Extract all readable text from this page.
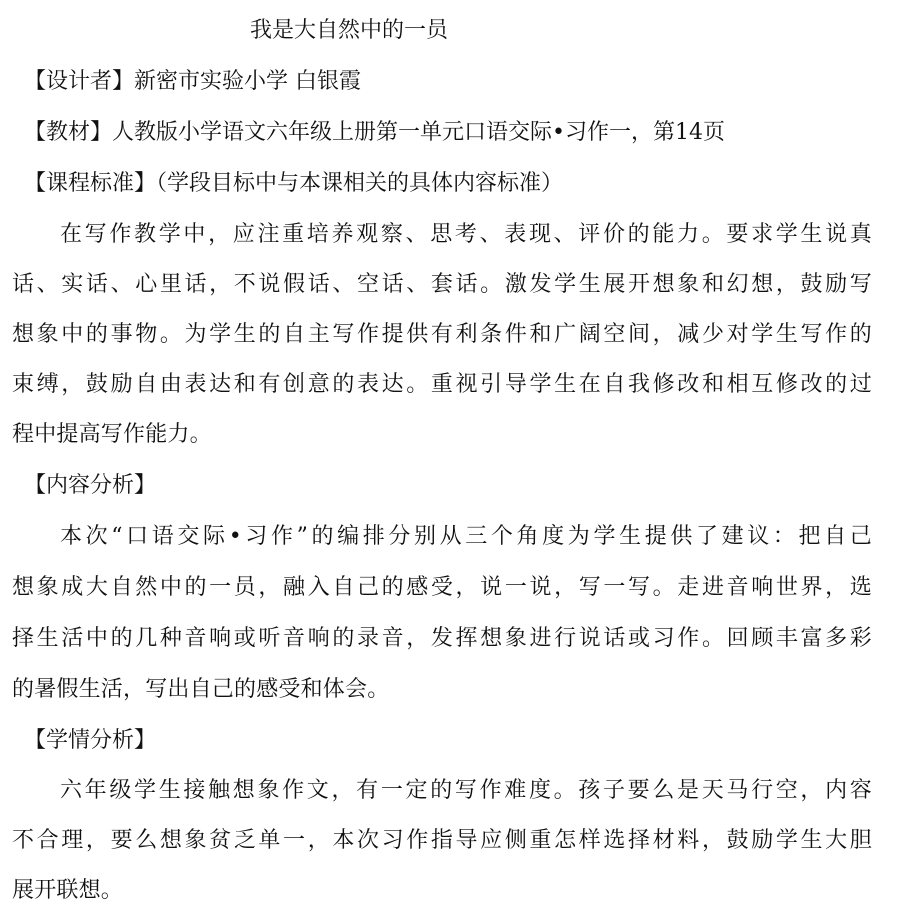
我是大自然中的一员
【设计者】新密市实验小学 白银霞
【教材】人教版小学语文六年级上册第一单元口语交际•习作一，第14页
【课程标准】（学段目标中与本课相关的具体内容标准）
在写作教学中，应注重培养观察、思考、表现、评价的能力。要求学生说真
话、实话、心里话，不说假话、空话、套话。激发学生展开想象和幻想，鼓励写
想象中的事物。为学生的自主写作提供有利条件和广阔空间，减少对学生写作的
束缚，鼓励自由表达和有创意的表达。重视引导学生在自我修改和相互修改的过
程中提高写作能力。
【内容分析】
本次“口语交际•习作”的编排分别从三个角度为学生提供了建议：把自己
想象成大自然中的一员，融入自己的感受，说一说，写一写。走进音响世界，选
择生活中的几种音响或听音响的录音，发挥想象进行说话或习作。回顾丰富多彩
的暑假生活，写出自己的感受和体会。
【学情分析】
六年级学生接触想象作文，有一定的写作难度。孩子要么是天马行空，内容
不合理，要么想象贫乏单一，本次习作指导应侧重怎样选择材料，鼓励学生大胆
展开联想。
